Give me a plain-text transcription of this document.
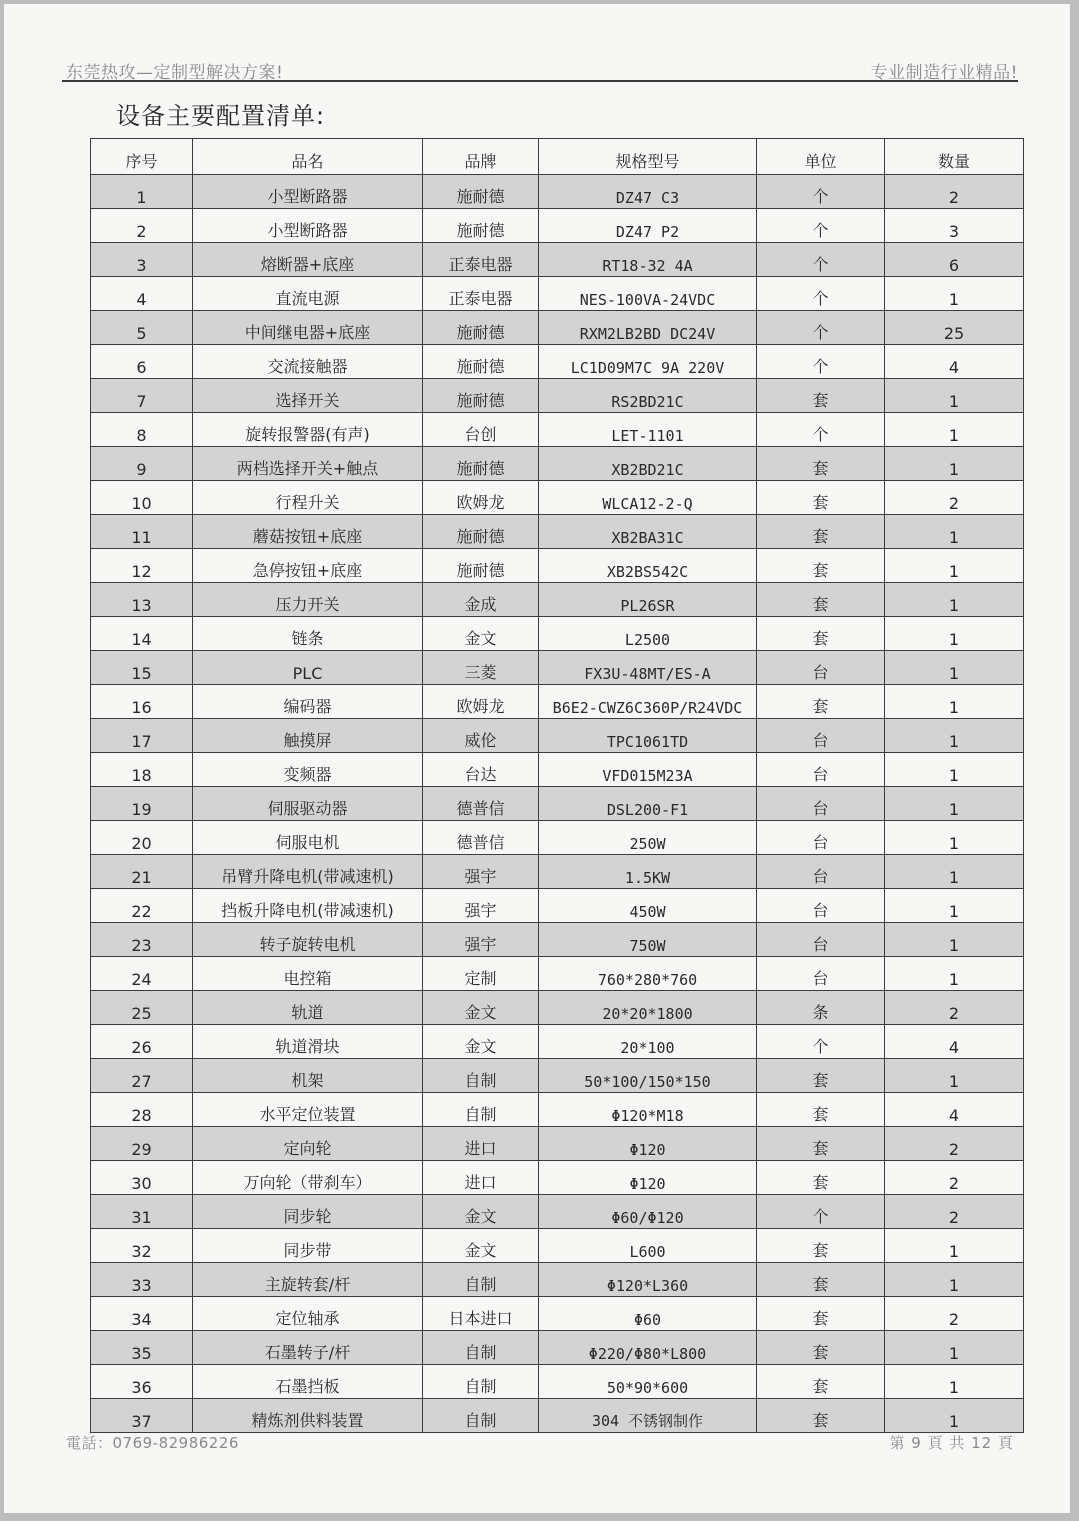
东莞热攻—定制型解决方案!	专业制造行业精品!
设备主要配置清单:
序号	品名	品牌	规格型号	单位	数量
1	小型断路器	施耐德	DZ47 C3	个	2
2	小型断路器	施耐德	DZ47 P2	个	3
3	熔断器+底座	正泰电器	RT18-32 4A	个	6
4	直流电源	正泰电器	NES-100VA-24VDC	个	1
5	中间继电器+底座	施耐德	RXM2LB2BD DC24V	个	25
6	交流接触器	施耐德	LC1D09M7C 9A 220V	个	4
7	选择开关	施耐德	RS2BD21C	套	1
8	旋转报警器(有声)	台创	LET-1101	个	1
9	两档选择开关+触点	施耐德	XB2BD21C	套	1
10	行程升关	欧姆龙	WLCA12-2-Q	套	2
11	蘑菇按钮+底座	施耐德	XB2BA31C	套	1
12	急停按钮+底座	施耐德	XB2BS542C	套	1
13	压力开关	金成	PL26SR	套	1
14	链条	金文	L2500	套	1
15	PLC	三菱	FX3U-48MT/ES-A	台	1
16	编码器	欧姆龙	B6E2-CWZ6C360P/R24VDC	套	1
17	触摸屏	威伦	TPC1061TD	台	1
18	变频器	台达	VFD015M23A	台	1
19	伺服驱动器	德普信	DSL200-F1	台	1
20	伺服电机	德普信	250W	台	1
21	吊臂升降电机(带减速机)	强宇	1.5KW	台	1
22	挡板升降电机(带减速机)	强宇	450W	台	1
23	转子旋转电机	强宇	750W	台	1
24	电控箱	定制	760*280*760	台	1
25	轨道	金文	20*20*1800	条	2
26	轨道滑块	金文	20*100	个	4
27	机架	自制	50*100/150*150	套	1
28	水平定位装置	自制	Φ120*M18	套	4
29	定向轮	进口	Φ120	套	2
30	万向轮（带刹车）	进口	Φ120	套	2
31	同步轮	金文	Φ60/Φ120	个	2
32	同步带	金文	L600	套	1
33	主旋转套/杆	自制	Φ120*L360	套	1
34	定位轴承	日本进口	Φ60	套	2
35	石墨转子/杆	自制	Φ220/Φ80*L800	套	1
36	石墨挡板	自制	50*90*600	套	1
37	精炼剂供料装置	自制	304 不锈钢制作	套	1
電話：0769-82986226	第 9 頁 共 12 頁
